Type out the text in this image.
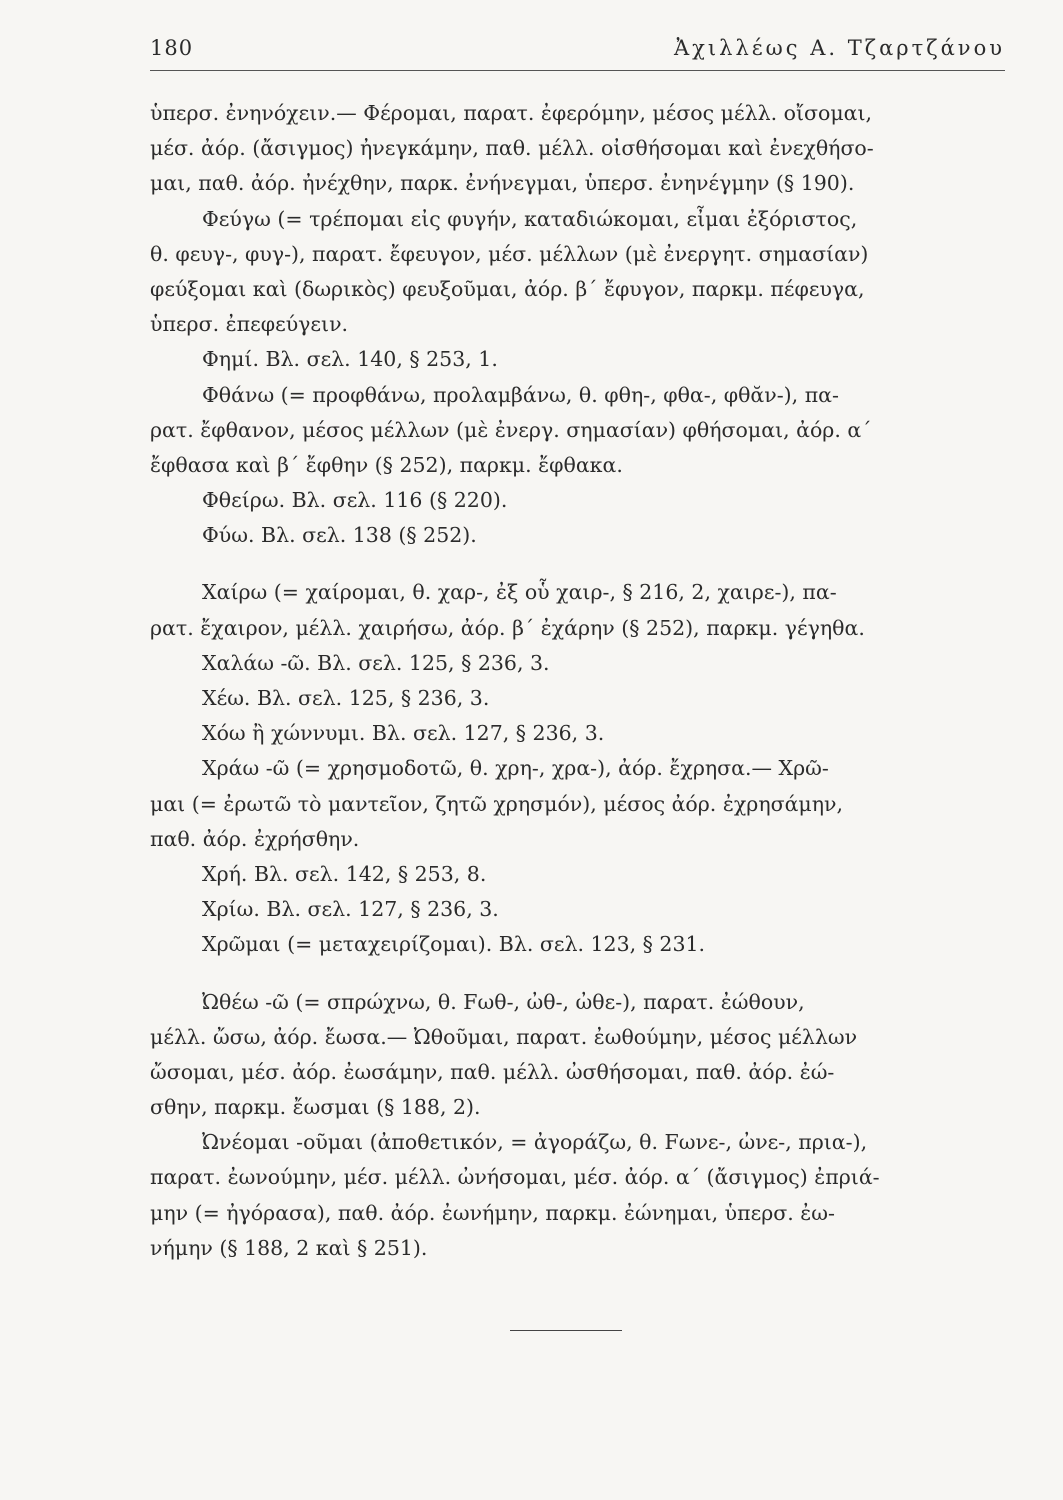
180	Ἀχιλλέως Α. Τζαρτζάνου
ὑπερσ. ἐνηνόχειν.— Φέρομαι, παρατ. ἐφερόμην, μέσος μέλλ. οἴσομαι,
μέσ. ἀόρ. (ἄσιγμος) ἠνεγκάμην, παθ. μέλλ. οἰσθήσομαι καὶ ἐνεχθήσο-
μαι, παθ. ἀόρ. ἠνέχθην, παρκ. ἐνήνεγμαι, ὑπερσ. ἐνηνέγμην (§ 190).
Φεύγω (= τρέπομαι εἰς φυγήν, καταδιώκομαι, εἶμαι ἐξόριστος,
θ. φευγ-, φυγ-), παρατ. ἔφευγον, μέσ. μέλλων (μὲ ἐνεργητ. σημασίαν)
φεύξομαι καὶ (δωρικὸς) φευξοῦμαι, ἀόρ. β΄ ἔφυγον, παρκμ. πέφευγα,
ὑπερσ. ἐπεφεύγειν.
Φημί. Βλ. σελ. 140, § 253, 1.
Φθάνω (= προφθάνω, προλαμβάνω, θ. φθη-, φθα-, φθᾰν-), πα-
ρατ. ἔφθανον, μέσος μέλλων (μὲ ἐνεργ. σημασίαν) φθήσομαι, ἀόρ. α΄
ἔφθασα καὶ β΄ ἔφθην (§ 252), παρκμ. ἔφθακα.
Φθείρω. Βλ. σελ. 116 (§ 220).
Φύω. Βλ. σελ. 138 (§ 252).
Χαίρω (= χαίρομαι, θ. χαρ-, ἐξ οὗ χαιρ-, § 216, 2, χαιρε-), πα-
ρατ. ἔχαιρον, μέλλ. χαιρήσω, ἀόρ. β΄ ἐχάρην (§ 252), παρκμ. γέγηθα.
Χαλάω -ῶ. Βλ. σελ. 125, § 236, 3.
Χέω. Βλ. σελ. 125, § 236, 3.
Χόω ἢ χώννυμι. Βλ. σελ. 127, § 236, 3.
Χράω -ῶ (= χρησμοδοτῶ, θ. χρη-, χρα-), ἀόρ. ἔχρησα.— Χρῶ-
μαι (= ἐρωτῶ τὸ μαντεῖον, ζητῶ χρησμόν), μέσος ἀόρ. ἐχρησάμην,
παθ. ἀόρ. ἐχρήσθην.
Χρή. Βλ. σελ. 142, § 253, 8.
Χρίω. Βλ. σελ. 127, § 236, 3.
Χρῶμαι (= μεταχειρίζομαι). Βλ. σελ. 123, § 231.
Ὠθέω -ῶ (= σπρώχνω, θ. Fωθ-, ὠθ-, ὠθε-), παρατ. ἐώθουν,
μέλλ. ὤσω, ἀόρ. ἔωσα.— Ὠθοῦμαι, παρατ. ἐωθούμην, μέσος μέλλων
ὤσομαι, μέσ. ἀόρ. ἐωσάμην, παθ. μέλλ. ὠσθήσομαι, παθ. ἀόρ. ἐώ-
σθην, παρκμ. ἔωσμαι (§ 188, 2).
Ὠνέομαι -οῦμαι (ἀποθετικόν, = ἀγοράζω, θ. Fωνε-, ὠνε-, πρια-),
παρατ. ἐωνούμην, μέσ. μέλλ. ὠνήσομαι, μέσ. ἀόρ. α΄ (ἄσιγμος) ἐπριά-
μην (= ἠγόρασα), παθ. ἀόρ. ἐωνήμην, παρκμ. ἐώνημαι, ὑπερσ. ἐω-
νήμην (§ 188, 2 καὶ § 251).
